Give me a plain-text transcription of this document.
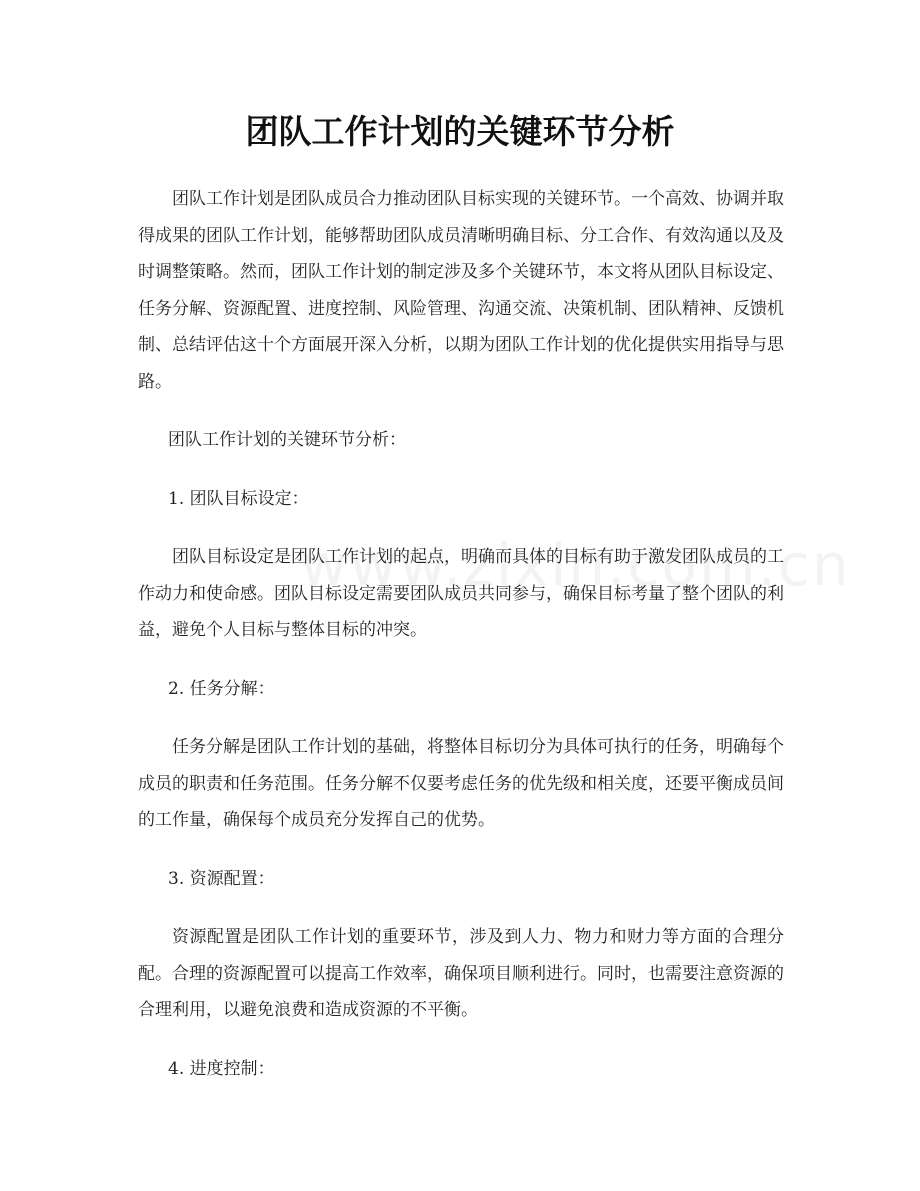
团队工作计划的关键环节分析

团队工作计划是团队成员合力推动团队目标实现的关键环节。一个高效、协调并取得成果的团队工作计划，能够帮助团队成员清晰明确目标、分工合作、有效沟通以及及时调整策略。然而，团队工作计划的制定涉及多个关键环节，本文将从团队目标设定、任务分解、资源配置、进度控制、风险管理、沟通交流、决策机制、团队精神、反馈机制、总结评估这十个方面展开深入分析，以期为团队工作计划的优化提供实用指导与思路。

团队工作计划的关键环节分析：

1. 团队目标设定：

团队目标设定是团队工作计划的起点，明确而具体的目标有助于激发团队成员的工作动力和使命感。团队目标设定需要团队成员共同参与，确保目标考量了整个团队的利益，避免个人目标与整体目标的冲突。

2. 任务分解：

任务分解是团队工作计划的基础，将整体目标切分为具体可执行的任务，明确每个成员的职责和任务范围。任务分解不仅要考虑任务的优先级和相关度，还要平衡成员间的工作量，确保每个成员充分发挥自己的优势。

3. 资源配置：

资源配置是团队工作计划的重要环节，涉及到人力、物力和财力等方面的合理分配。合理的资源配置可以提高工作效率，确保项目顺利进行。同时，也需要注意资源的合理利用，以避免浪费和造成资源的不平衡。

4. 进度控制：
